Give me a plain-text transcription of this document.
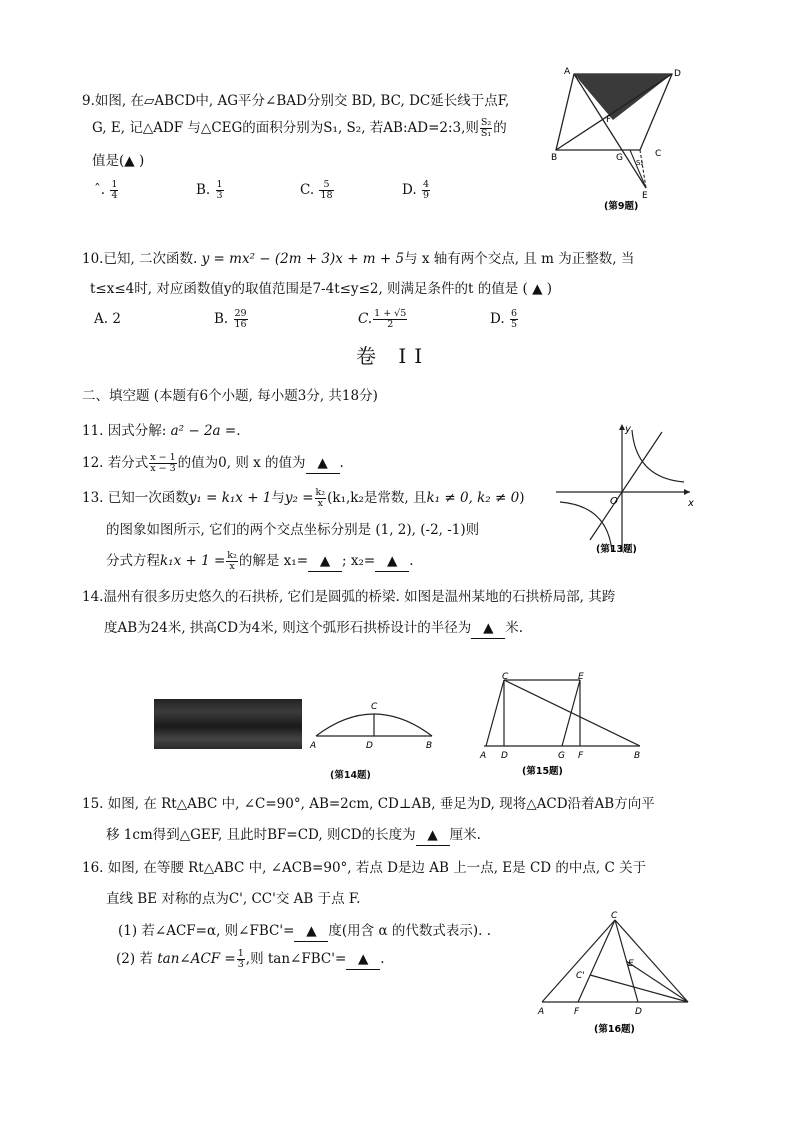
9.如图, 在▱ABCD中, AG平分∠BAD分别交 BD, BC, DC延长线于点F,
G, E, 记△ADF 与△CEG的面积分别为S₁, S₂, 若AB:AD=2:3,则 $\frac{\text{S₂}}{\text{S₁}}$ 的
值是(▲ )
ˆ. $\frac{1}{4}$	B. $\frac{1}{3}$	C. $\frac{5}{18}$	D. $\frac{4}{9}$
A	D
F
B	G	C
S₂
E
(第9题)
10.已知, 二次函数. y = mx² − (2m + 3)x + m + 5与 x 轴有两个交点, 且 m 为正整数, 当
t≤x≤4时, 对应函数值y的取值范围是7-4t≤y≤2, 则满足条件的t 的值是 ( ▲ )
A. 2	B. $\frac{29}{16}$	C. $\frac{1 + √5}{2}$	D. $\frac{6}{5}$
卷 II
二、填空题 (本题有6个小题, 每小题3分, 共18分)
11. 因式分解: a² − 2a =.
12. 若分式 $\frac{x - 1}{x - 3}$ 的值为0, 则 x 的值为 ▲ .
13. 已知一次函数y₁ = k₁x + 1与$y_2 = \frac{\text{k₂}}{x} (k_1,k_2$是常数, 且k₁ ≠ 0, k₂ ≠ 0)
的图象如图所示, 它们的两个交点坐标分别是 (1, 2), (-2, -1)则
分式方程$k_1x + 1 = \frac{\text{k₂}}{x}$ 的解是 x₁= ▲ ; x₂= ▲ .
x
y
O
(第13题)
14.温州有很多历史悠久的石拱桥, 它们是圆弧的桥梁. 如图是温州某地的石拱桥局部, 其跨
度AB为24米, 拱高CD为4米, 则这个弧形石拱桥设计的半径为 ▲ 米.
A	B
C
D
(第14题)
C	E
A D	G F	B
(第15题)
15. 如图, 在 Rt△ABC 中, ∠C=90°, AB=2cm, CD⊥AB, 垂足为D, 现将△ACD沿着AB方向平
移 1cm得到△GEF, 且此时BF=CD, 则CD的长度为 ▲ 厘米.
16. 如图, 在等腰 Rt△ABC 中, ∠ACB=90°, 若点 D是边 AB 上一点, E是 CD 的中点, C 关于
直线 BE 对称的点为C', CC'交 AB 于点 F.
(1) 若∠ACF=α, 则∠FBC'= ▲ 度(用含 α 的代数式表示). .
(2) 若 tan∠ACF = $\frac{1}{3}$ ,则 tan∠FBC'= ▲ .
C
E
C'
A	F	D
(第16题)
